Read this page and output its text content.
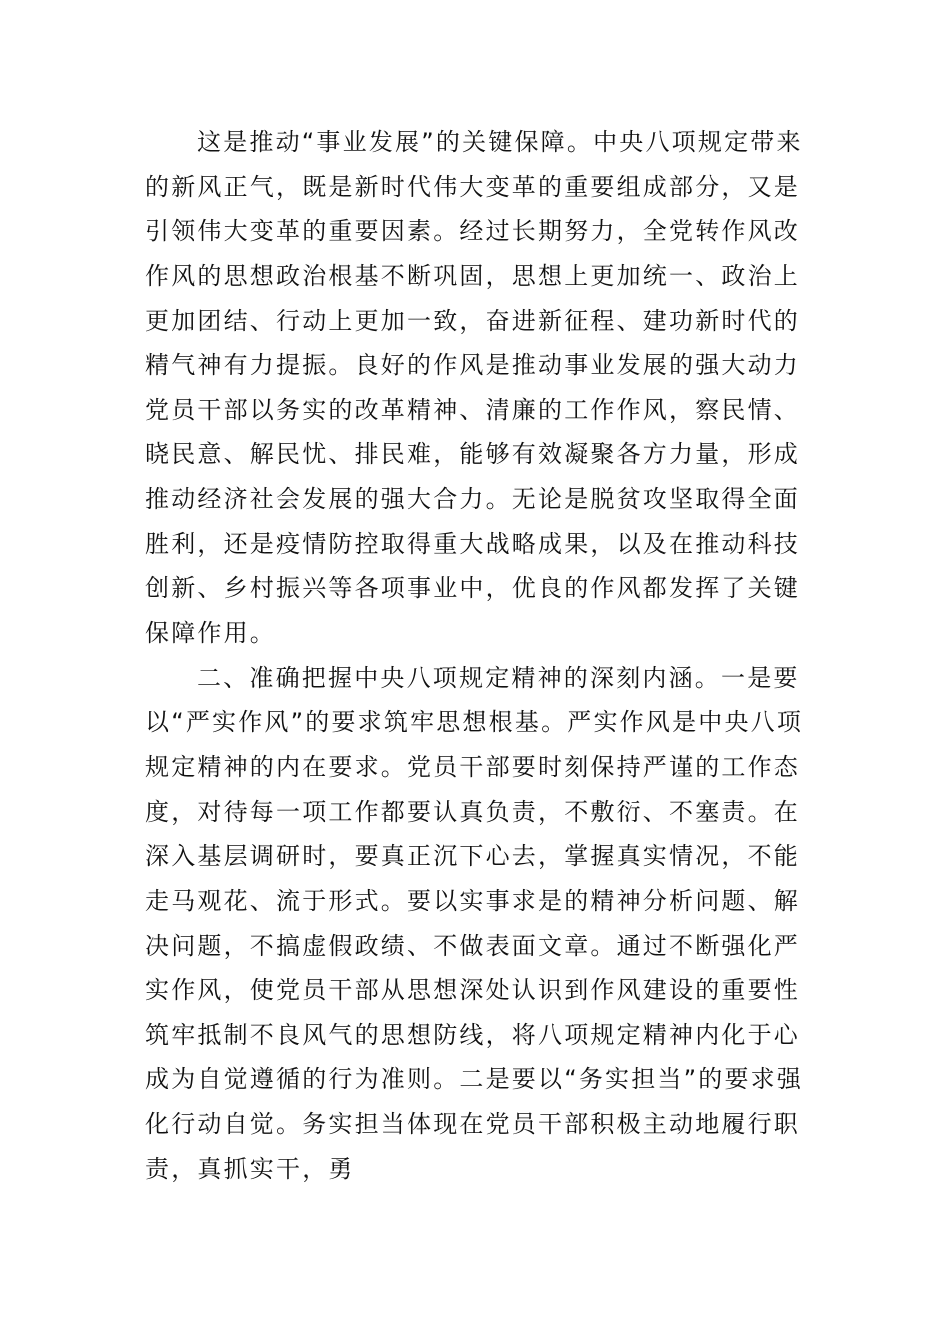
这是推动“事业发展”的关键保障。中央八项规定带来
的新风正气，既是新时代伟大变革的重要组成部分，又是
引领伟大变革的重要因素。经过长期努力，全党转作风改
作风的思想政治根基不断巩固，思想上更加统一、政治上
更加团结、行动上更加一致，奋进新征程、建功新时代的
精气神有力提振。良好的作风是推动事业发展的强大动力
党员干部以务实的改革精神、清廉的工作作风，察民情、
晓民意、解民忧、排民难，能够有效凝聚各方力量，形成
推动经济社会发展的强大合力。无论是脱贫攻坚取得全面
胜利，还是疫情防控取得重大战略成果，以及在推动科技
创新、乡村振兴等各项事业中，优良的作风都发挥了关键
保障作用。
二、准确把握中央八项规定精神的深刻内涵。一是要
以“严实作风”的要求筑牢思想根基。严实作风是中央八项
规定精神的内在要求。党员干部要时刻保持严谨的工作态
度，对待每一项工作都要认真负责，不敷衍、不塞责。在
深入基层调研时，要真正沉下心去，掌握真实情况，不能
走马观花、流于形式。要以实事求是的精神分析问题、解
决问题，不搞虚假政绩、不做表面文章。通过不断强化严
实作风，使党员干部从思想深处认识到作风建设的重要性
筑牢抵制不良风气的思想防线，将八项规定精神内化于心
成为自觉遵循的行为准则。二是要以“务实担当”的要求强
化行动自觉。务实担当体现在党员干部积极主动地履行职
责，真抓实干，勇
